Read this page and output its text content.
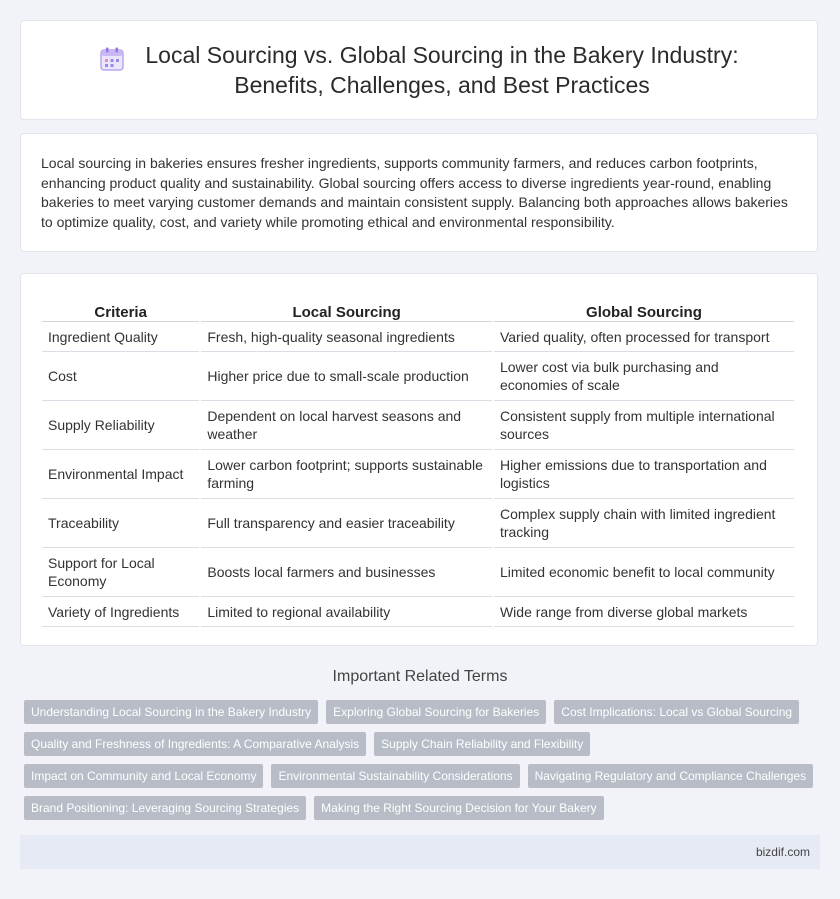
Local Sourcing vs. Global Sourcing in the Bakery Industry:
Benefits, Challenges, and Best Practices

Local sourcing in bakeries ensures fresher ingredients, supports community farmers, and reduces carbon footprints, enhancing product quality and sustainability. Global sourcing offers access to diverse ingredients year-round, enabling bakeries to meet varying customer demands and maintain consistent supply. Balancing both approaches allows bakeries to optimize quality, cost, and variety while promoting ethical and environmental responsibility.

Criteria	Local Sourcing	Global Sourcing
Ingredient Quality	Fresh, high-quality seasonal ingredients	Varied quality, often processed for transport
Cost	Higher price due to small-scale production	Lower cost via bulk purchasing and economies of scale
Supply Reliability	Dependent on local harvest seasons and weather	Consistent supply from multiple international sources
Environmental Impact	Lower carbon footprint; supports sustainable farming	Higher emissions due to transportation and logistics
Traceability	Full transparency and easier traceability	Complex supply chain with limited ingredient tracking
Support for Local Economy	Boosts local farmers and businesses	Limited economic benefit to local community
Variety of Ingredients	Limited to regional availability	Wide range from diverse global markets
Important Related Terms
Understanding Local Sourcing in the Bakery Industry	Exploring Global Sourcing for Bakeries	Cost Implications: Local vs Global Sourcing
Quality and Freshness of Ingredients: A Comparative Analysis	Supply Chain Reliability and Flexibility
Impact on Community and Local Economy	Environmental Sustainability Considerations	Navigating Regulatory and Compliance Challenges
Brand Positioning: Leveraging Sourcing Strategies	Making the Right Sourcing Decision for Your Bakery
bizdif.com
